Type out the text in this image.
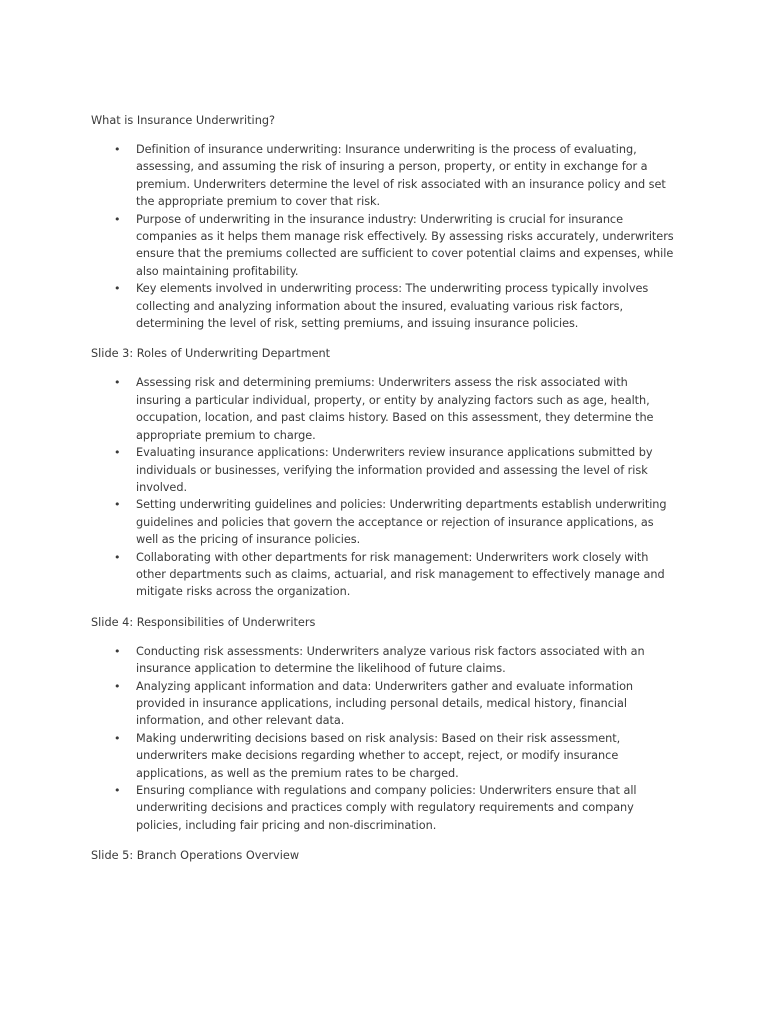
What is Insurance Underwriting?

• Definition of insurance underwriting: Insurance underwriting is the process of evaluating, assessing, and assuming the risk of insuring a person, property, or entity in exchange for a premium. Underwriters determine the level of risk associated with an insurance policy and set the appropriate premium to cover that risk.
• Purpose of underwriting in the insurance industry: Underwriting is crucial for insurance companies as it helps them manage risk effectively. By assessing risks accurately, underwriters ensure that the premiums collected are sufficient to cover potential claims and expenses, while also maintaining profitability.
• Key elements involved in underwriting process: The underwriting process typically involves collecting and analyzing information about the insured, evaluating various risk factors, determining the level of risk, setting premiums, and issuing insurance policies.

Slide 3: Roles of Underwriting Department

• Assessing risk and determining premiums: Underwriters assess the risk associated with insuring a particular individual, property, or entity by analyzing factors such as age, health, occupation, location, and past claims history. Based on this assessment, they determine the appropriate premium to charge.
• Evaluating insurance applications: Underwriters review insurance applications submitted by individuals or businesses, verifying the information provided and assessing the level of risk involved.
• Setting underwriting guidelines and policies: Underwriting departments establish underwriting guidelines and policies that govern the acceptance or rejection of insurance applications, as well as the pricing of insurance policies.
• Collaborating with other departments for risk management: Underwriters work closely with other departments such as claims, actuarial, and risk management to effectively manage and mitigate risks across the organization.

Slide 4: Responsibilities of Underwriters

• Conducting risk assessments: Underwriters analyze various risk factors associated with an insurance application to determine the likelihood of future claims.
• Analyzing applicant information and data: Underwriters gather and evaluate information provided in insurance applications, including personal details, medical history, financial information, and other relevant data.
• Making underwriting decisions based on risk analysis: Based on their risk assessment, underwriters make decisions regarding whether to accept, reject, or modify insurance applications, as well as the premium rates to be charged.
• Ensuring compliance with regulations and company policies: Underwriters ensure that all underwriting decisions and practices comply with regulatory requirements and company policies, including fair pricing and non-discrimination.

Slide 5: Branch Operations Overview
